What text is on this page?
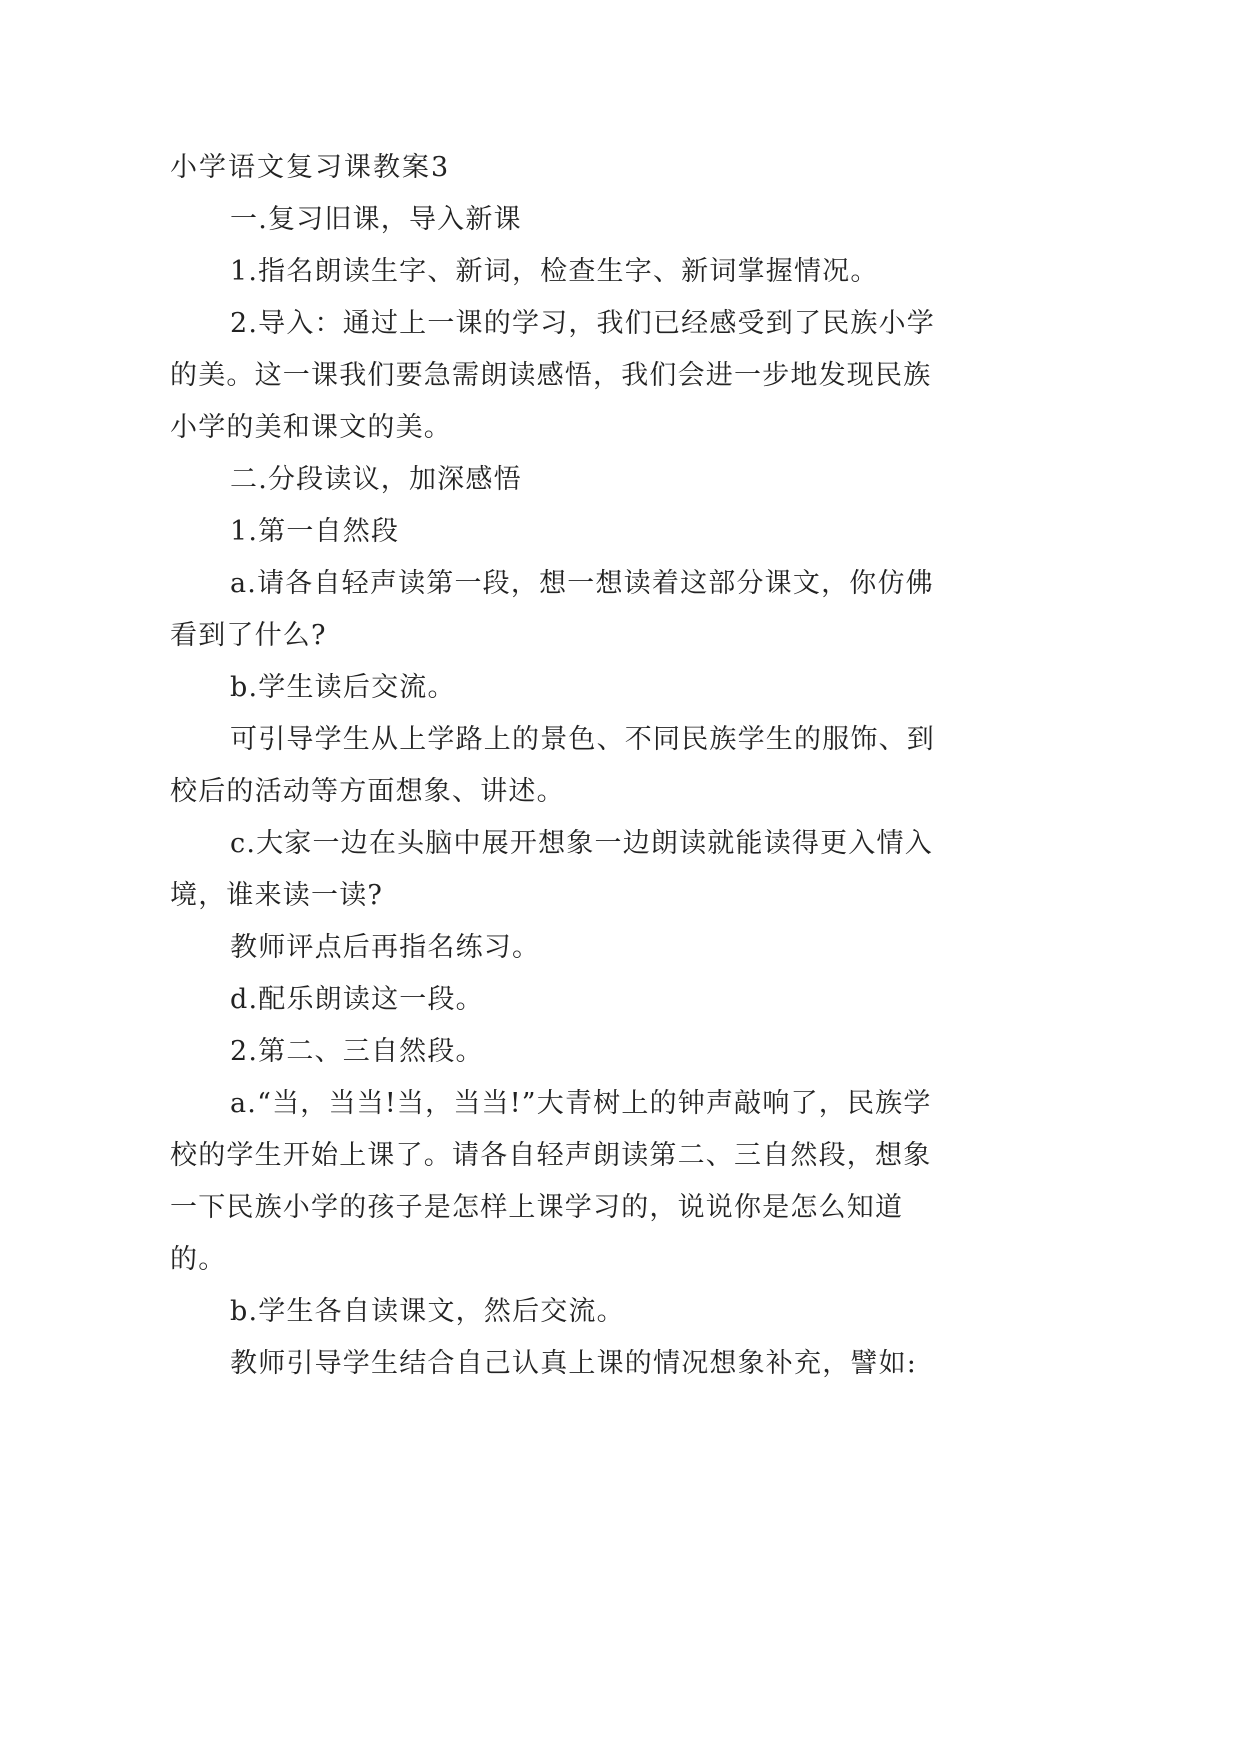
小学语文复习课教案3

一.复习旧课，导入新课

1.指名朗读生字、新词，检查生字、新词掌握情况。

2.导入：通过上一课的学习，我们已经感受到了民族小学的美。这一课我们要急需朗读感悟，我们会进一步地发现民族小学的美和课文的美。

二.分段读议，加深感悟

1.第一自然段

a.请各自轻声读第一段，想一想读着这部分课文，你仿佛看到了什么?

b.学生读后交流。

可引导学生从上学路上的景色、不同民族学生的服饰、到校后的活动等方面想象、讲述。

c.大家一边在头脑中展开想象一边朗读就能读得更入情入境，谁来读一读?

教师评点后再指名练习。

d.配乐朗读这一段。

2.第二、三自然段。

a.“当，当当!当，当当!”大青树上的钟声敲响了，民族学校的学生开始上课了。请各自轻声朗读第二、三自然段，想象一下民族小学的孩子是怎样上课学习的，说说你是怎么知道的。

b.学生各自读课文，然后交流。

教师引导学生结合自己认真上课的情况想象补充，譬如:
